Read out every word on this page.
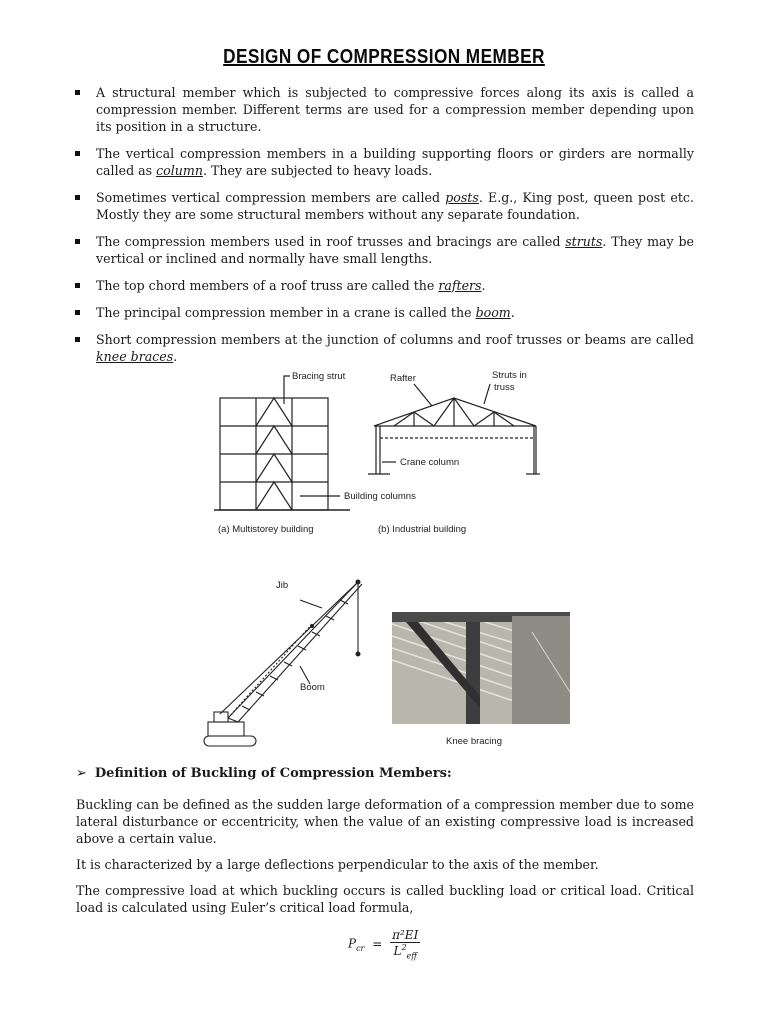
DESIGN OF COMPRESSION MEMBER
A structural member which is subjected to compressive forces along its axis is called a compression member. Different terms are used for a compression member depending upon its position in a structure.
The vertical compression members in a building supporting floors or girders are normally called as column. They are subjected to heavy loads.
Sometimes vertical compression members are called posts. E.g., King post, queen post etc. Mostly they are some structural members without any separate foundation.
The compression members used in roof trusses and bracings are called struts. They may be vertical or inclined and normally have small lengths.
The top chord members of a roof truss are called the rafters.
The principal compression member in a crane is called the boom.
Short compression members at the junction of columns and roof trusses or beams are called knee braces.
Bracing strut	Rafter	Struts in
truss
Crane column
Building columns
(a) Multistorey building	(b) Industrial building
Jib
Boom
Knee bracing
➢ Definition of Buckling of Compression Members:

Buckling can be defined as the sudden large deformation of a compression member due to some lateral disturbance or eccentricity, when the value of an existing compressive load is increased above a certain value.

It is characterized by a large deflections perpendicular to the axis of the member.

The compressive load at which buckling occurs is called buckling load or critical load. Critical load is calculated using Euler’s critical load formula,

$P_{cr}$ =
π²EI
$L^2_{eff}$
